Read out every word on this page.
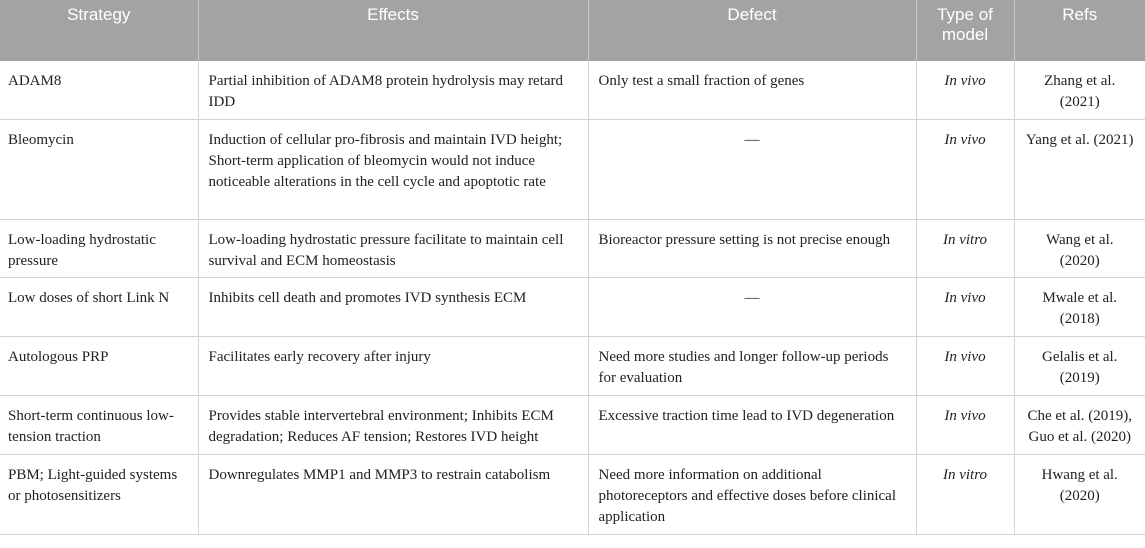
Strategy	Effects	Defect	Type of model	Refs
ADAM8	Partial inhibition of ADAM8 protein hydrolysis may retard IDD	Only test a small fraction of genes	In vivo	Zhang et al. (2021)
Bleomycin	Induction of cellular pro-fibrosis and maintain IVD height; Short-term application of bleomycin would not induce noticeable alterations in the cell cycle and apoptotic rate	—	In vivo	Yang et al. (2021)
Low-loading hydrostatic pressure	Low-loading hydrostatic pressure facilitate to maintain cell survival and ECM homeostasis	Bioreactor pressure setting is not precise enough	In vitro	Wang et al. (2020)
Low doses of short Link N	Inhibits cell death and promotes IVD synthesis ECM	—	In vivo	Mwale et al. (2018)
Autologous PRP	Facilitates early recovery after injury	Need more studies and longer follow-up periods for evaluation	In vivo	Gelalis et al. (2019)
Short-term continuous low-tension traction	Provides stable intervertebral environment; Inhibits ECM degradation; Reduces AF tension; Restores IVD height	Excessive traction time lead to IVD degeneration	In vivo	Che et al. (2019), Guo et al. (2020)
PBM; Light-guided systems or photosensitizers	Downregulates MMP1 and MMP3 to restrain catabolism	Need more information on additional photoreceptors and effective doses before clinical application	In vitro	Hwang et al. (2020)
